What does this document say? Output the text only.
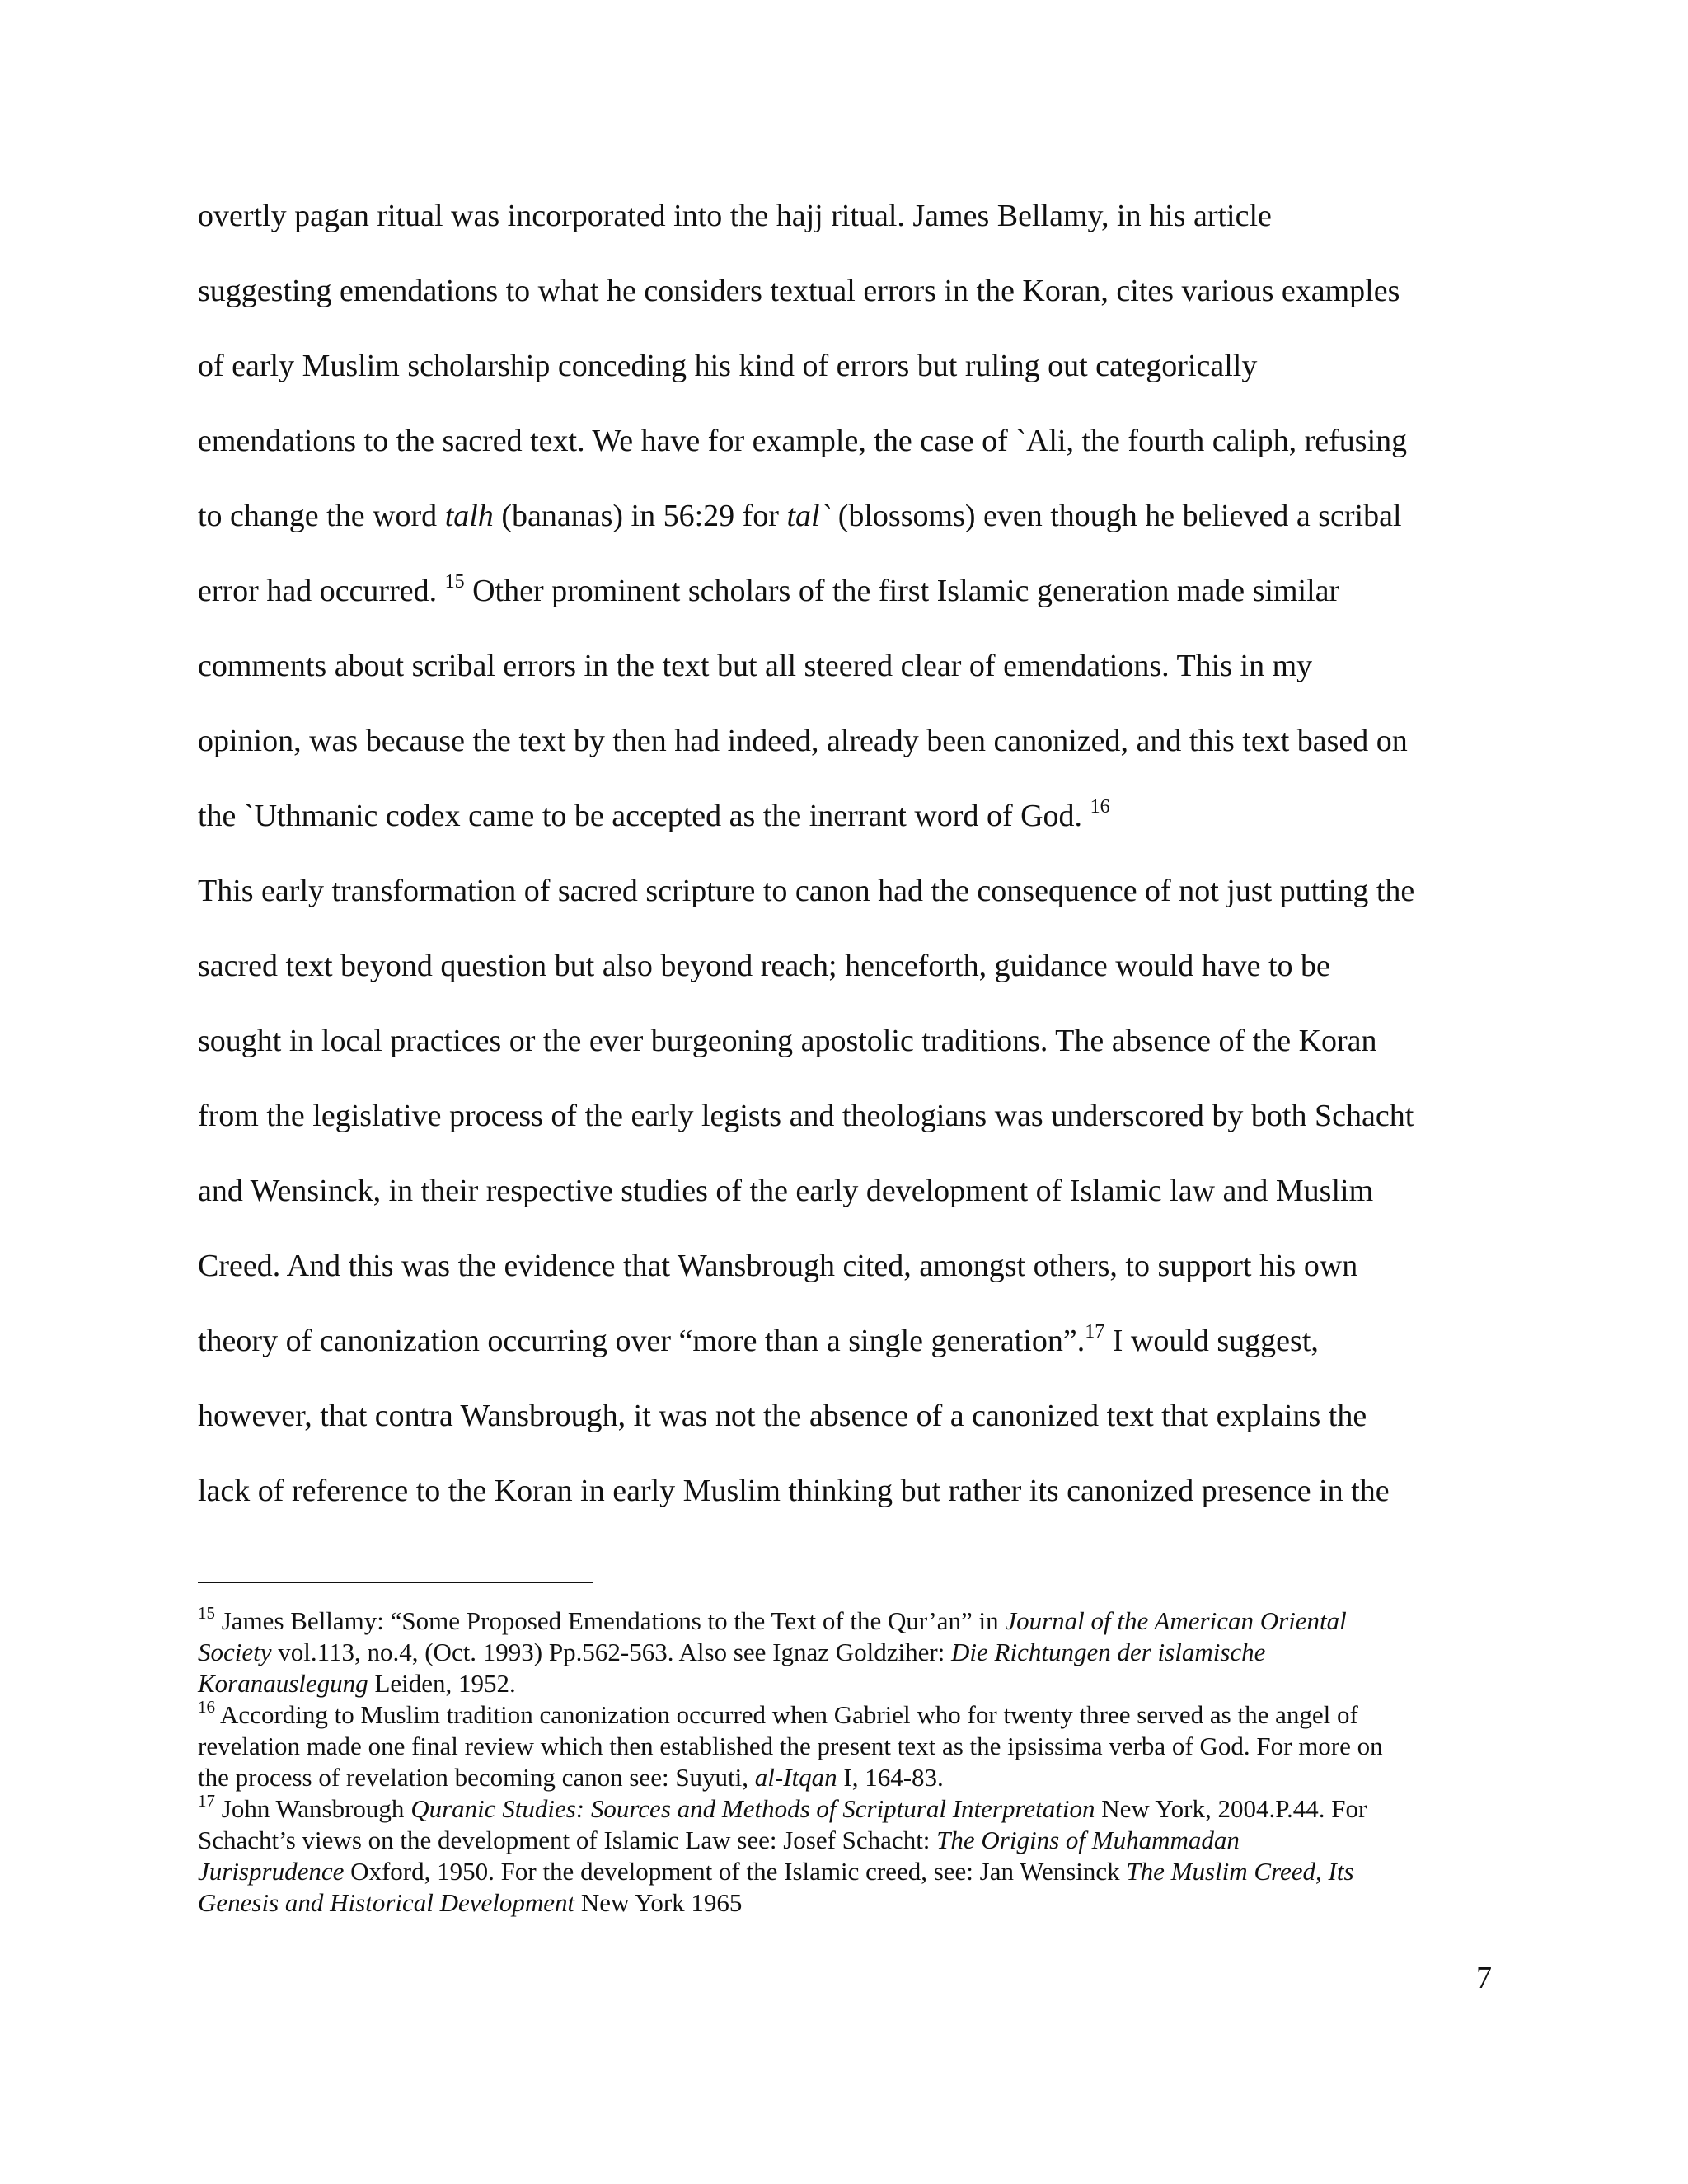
overtly pagan ritual was incorporated into the hajj ritual. James Bellamy, in his article
suggesting emendations to what he considers textual errors in the Koran, cites various examples
of early Muslim scholarship conceding his kind of errors but ruling out categorically
emendations to the sacred text. We have for example, the case of `Ali, the fourth caliph, refusing
to change the word talh (bananas) in 56:29 for tal` (blossoms) even though he believed a scribal
error had occurred. $^{15}$ Other prominent scholars of the first Islamic generation made similar
comments about scribal errors in the text but all steered clear of emendations. This in my
opinion, was because the text by then had indeed, already been canonized, and this text based on
the `Uthmanic codex came to be accepted as the inerrant word of God. $^{16}$
This early transformation of sacred scripture to canon had the consequence of not just putting the
sacred text beyond question but also beyond reach; henceforth, guidance would have to be
sought in local practices or the ever burgeoning apostolic traditions. The absence of the Koran
from the legislative process of the early legists and theologians was underscored by both Schacht
and Wensinck, in their respective studies of the early development of Islamic law and Muslim
Creed. And this was the evidence that Wansbrough cited, amongst others, to support his own
theory of canonization occurring over “more than a single generation”.$^{17}$ I would suggest,
however, that contra Wansbrough, it was not the absence of a canonized text that explains the
lack of reference to the Koran in early Muslim thinking but rather its canonized presence in the
$^{15}$ James Bellamy: “Some Proposed Emendations to the Text of the Qur’an” in Journal of the American Oriental
Society vol.113, no.4, (Oct. 1993) Pp.562-563. Also see Ignaz Goldziher: Die Richtungen der islamische
Koranauslegung Leiden, 1952.
$^{16}$ According to Muslim tradition canonization occurred when Gabriel who for twenty three served as the angel of
revelation made one final review which then established the present text as the ipsissima verba of God. For more on
the process of revelation becoming canon see: Suyuti, al-Itqan I, 164-83.
$^{17}$ John Wansbrough Quranic Studies: Sources and Methods of Scriptural Interpretation New York, 2004.P.44. For
Schacht’s views on the development of Islamic Law see: Josef Schacht: The Origins of Muhammadan
Jurisprudence Oxford, 1950. For the development of the Islamic creed, see: Jan Wensinck The Muslim Creed, Its
Genesis and Historical Development New York 1965
7
